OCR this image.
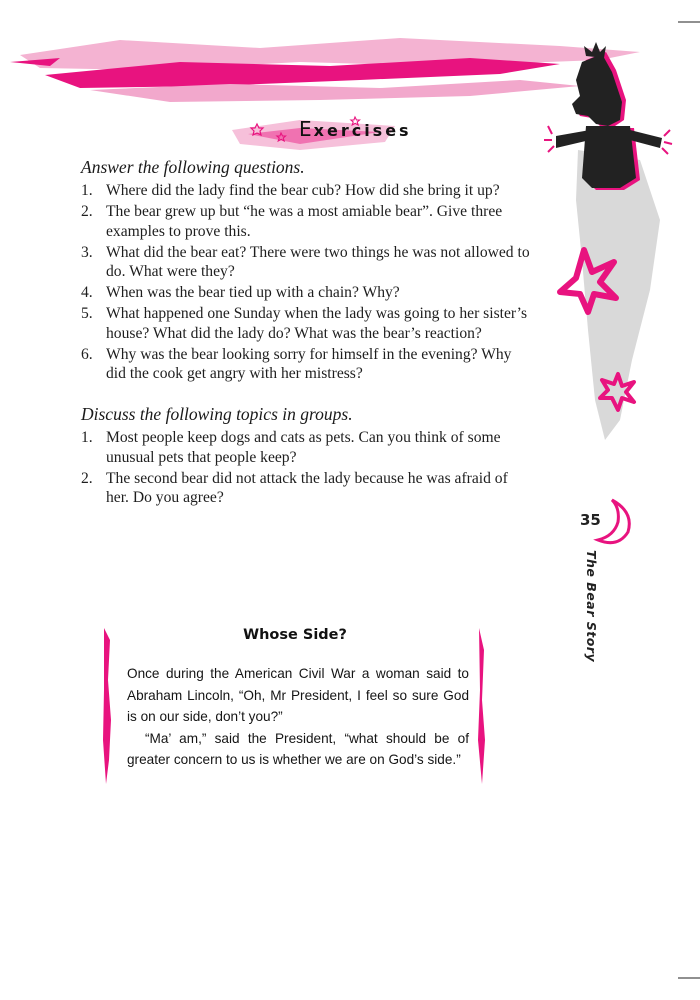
Exercises
Answer the following questions.
1. Where did the lady find the bear cub? How did she bring it up?
2. The bear grew up but “he was a most amiable bear”. Give three examples to prove this.
3. What did the bear eat? There were two things he was not allowed to do. What were they?
4. When was the bear tied up with a chain? Why?
5. What happened one Sunday when the lady was going to her sister’s house? What did the lady do? What was the bear’s reaction?
6. Why was the bear looking sorry for himself in the evening? Why did the cook get angry with her mistress?
Discuss the following topics in groups.
1. Most people keep dogs and cats as pets. Can you think of some unusual pets that people keep?
2. The second bear did not attack the lady because he was afraid of her. Do you agree?
35
The Bear Story
Whose Side?

Once during the American Civil War a woman said to Abraham Lincoln, “Oh, Mr President, I feel so sure God is on our side, don’t you?”

“Ma’ am,” said the President, “what should be of greater concern to us is whether we are on God’s side.”
